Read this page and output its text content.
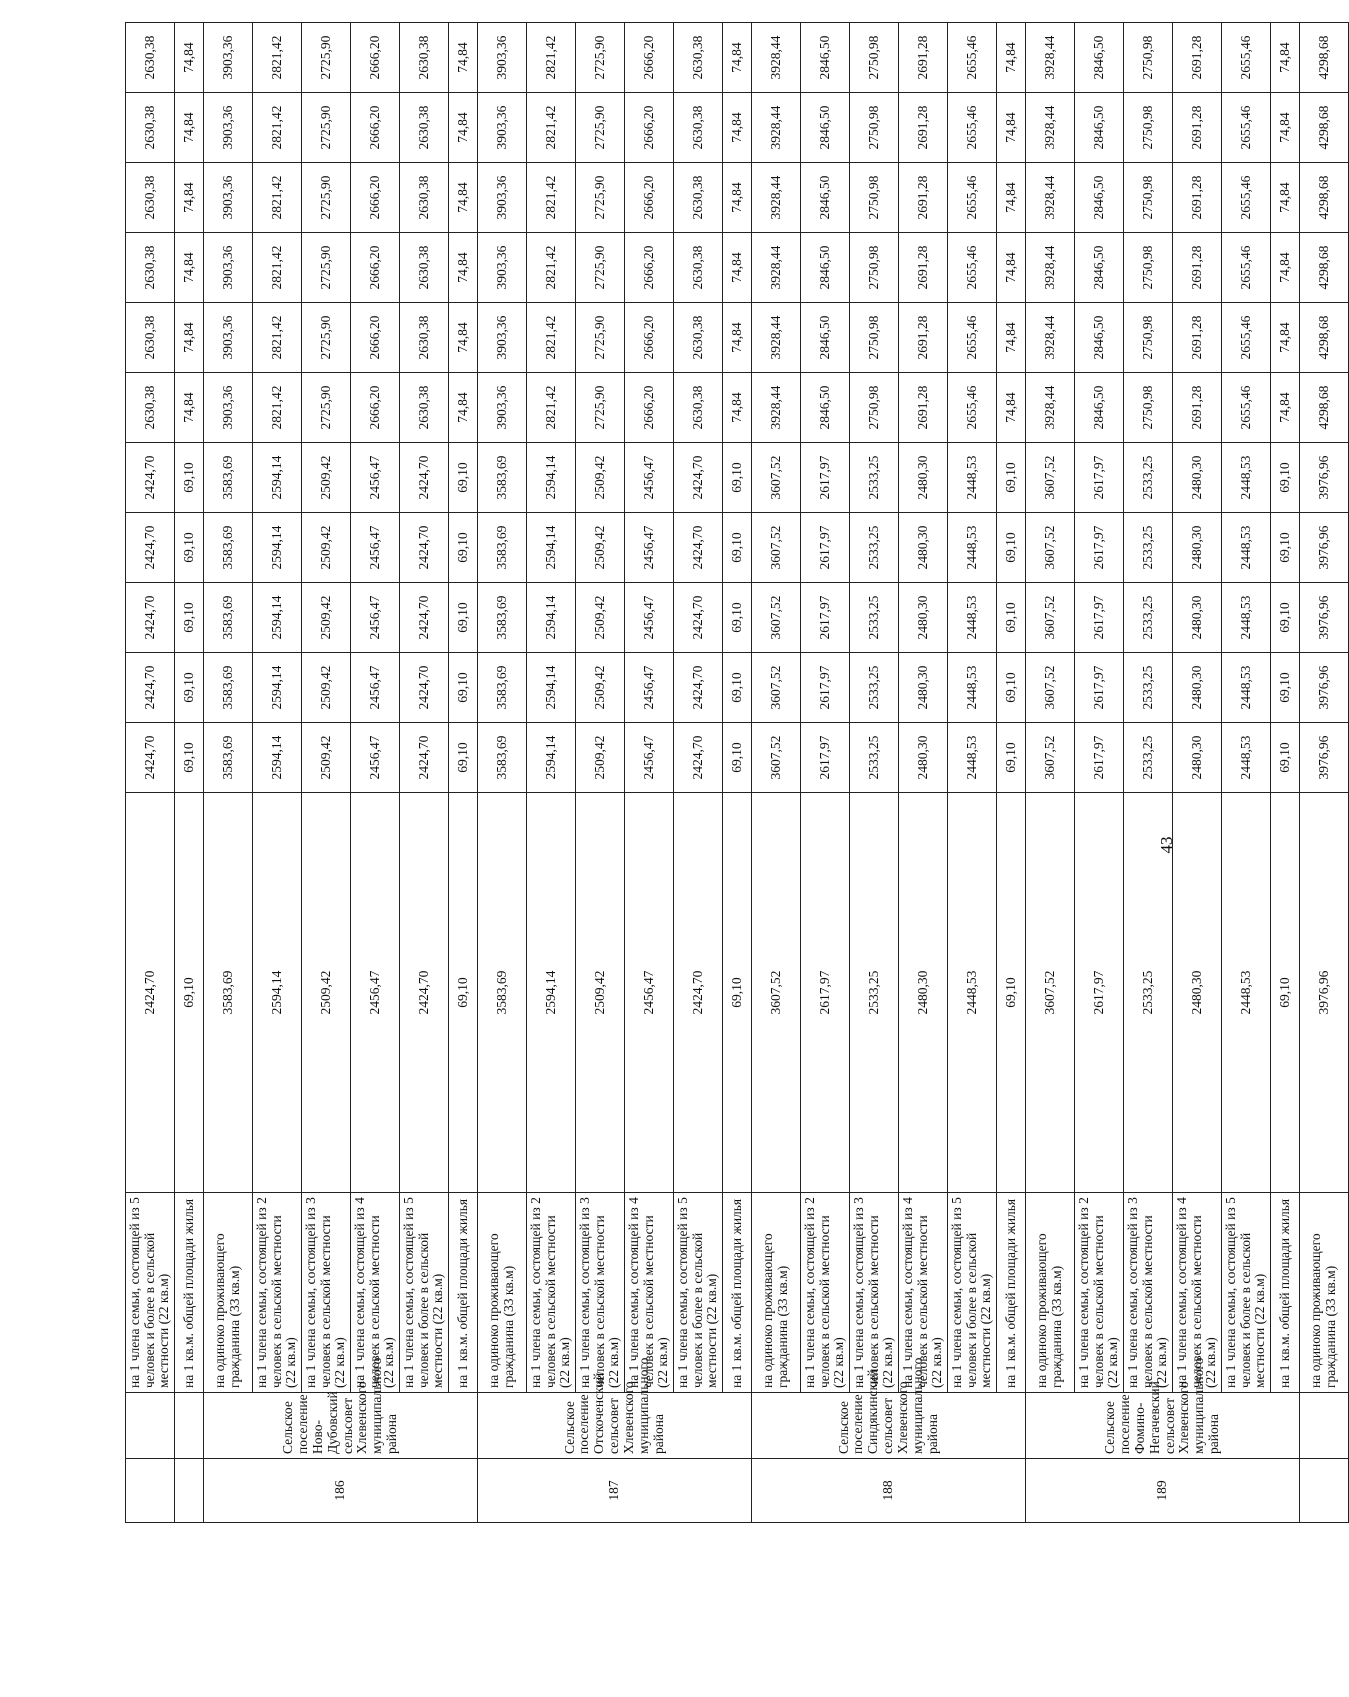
		на 1 члена семьи, состоящей из 5 человек и более в сельской местности (22 кв.м)	2424,70	2424,70	2424,70	2424,70	2424,70	2424,70	2630,38	2630,38	2630,38	2630,38	2630,38	2630,38
		на 1 кв.м. общей площади жилья	69,10	69,10	69,10	69,10	69,10	69,10	74,84	74,84	74,84	74,84	74,84	74,84
186	Сельское поселение Ново-Дубовский сельсовет Хлевенского муниципального района	на одиноко проживающего гражданина (33 кв.м)	3583,69	3583,69	3583,69	3583,69	3583,69	3583,69	3903,36	3903,36	3903,36	3903,36	3903,36	3903,36
		на 1 члена семьи, состоящей из 2 человек в сельской местности (22 кв.м)	2594,14	2594,14	2594,14	2594,14	2594,14	2594,14	2821,42	2821,42	2821,42	2821,42	2821,42	2821,42
		на 1 члена семьи, состоящей из 3 человек в сельской местности (22 кв.м)	2509,42	2509,42	2509,42	2509,42	2509,42	2509,42	2725,90	2725,90	2725,90	2725,90	2725,90	2725,90
		на 1 члена семьи, состоящей из 4 человек в сельской местности (22 кв.м)	2456,47	2456,47	2456,47	2456,47	2456,47	2456,47	2666,20	2666,20	2666,20	2666,20	2666,20	2666,20
		на 1 члена семьи, состоящей из 5 человек и более в сельской местности (22 кв.м)	2424,70	2424,70	2424,70	2424,70	2424,70	2424,70	2630,38	2630,38	2630,38	2630,38	2630,38	2630,38
		на 1 кв.м. общей площади жилья	69,10	69,10	69,10	69,10	69,10	69,10	74,84	74,84	74,84	74,84	74,84	74,84
187	Сельское поселение Отскоченский сельсовет Хлевенского муниципального района	на одиноко проживающего гражданина (33 кв.м)	3583,69	3583,69	3583,69	3583,69	3583,69	3583,69	3903,36	3903,36	3903,36	3903,36	3903,36	3903,36
		на 1 члена семьи, состоящей из 2 человек в сельской местности (22 кв.м)	2594,14	2594,14	2594,14	2594,14	2594,14	2594,14	2821,42	2821,42	2821,42	2821,42	2821,42	2821,42
		на 1 члена семьи, состоящей из 3 человек в сельской местности (22 кв.м)	2509,42	2509,42	2509,42	2509,42	2509,42	2509,42	2725,90	2725,90	2725,90	2725,90	2725,90	2725,90
		на 1 члена семьи, состоящей из 4 человек в сельской местности (22 кв.м)	2456,47	2456,47	2456,47	2456,47	2456,47	2456,47	2666,20	2666,20	2666,20	2666,20	2666,20	2666,20
		на 1 члена семьи, состоящей из 5 человек и более в сельской местности (22 кв.м)	2424,70	2424,70	2424,70	2424,70	2424,70	2424,70	2630,38	2630,38	2630,38	2630,38	2630,38	2630,38
		на 1 кв.м. общей площади жилья	69,10	69,10	69,10	69,10	69,10	69,10	74,84	74,84	74,84	74,84	74,84	74,84
188	Сельское поселение Синдякинский сельсовет Хлевенского муниципального района	на одиноко проживающего гражданина (33 кв.м)	3607,52	3607,52	3607,52	3607,52	3607,52	3607,52	3928,44	3928,44	3928,44	3928,44	3928,44	3928,44
		на 1 члена семьи, состоящей из 2 человек в сельской местности (22 кв.м)	2617,97	2617,97	2617,97	2617,97	2617,97	2617,97	2846,50	2846,50	2846,50	2846,50	2846,50	2846,50
		на 1 члена семьи, состоящей из 3 человек в сельской местности (22 кв.м)	2533,25	2533,25	2533,25	2533,25	2533,25	2533,25	2750,98	2750,98	2750,98	2750,98	2750,98	2750,98
		на 1 члена семьи, состоящей из 4 человек в сельской местности (22 кв.м)	2480,30	2480,30	2480,30	2480,30	2480,30	2480,30	2691,28	2691,28	2691,28	2691,28	2691,28	2691,28
		на 1 члена семьи, состоящей из 5 человек и более в сельской местности (22 кв.м)	2448,53	2448,53	2448,53	2448,53	2448,53	2448,53	2655,46	2655,46	2655,46	2655,46	2655,46	2655,46
		на 1 кв.м. общей площади жилья	69,10	69,10	69,10	69,10	69,10	69,10	74,84	74,84	74,84	74,84	74,84	74,84
189	Сельское поселение Фомино-Негачевский сельсовет Хлевенского муниципального района	на одиноко проживающего гражданина (33 кв.м)	3607,52	3607,52	3607,52	3607,52	3607,52	3607,52	3928,44	3928,44	3928,44	3928,44	3928,44	3928,44
		на 1 члена семьи, состоящей из 2 человек в сельской местности (22 кв.м)	2617,97	2617,97	2617,97	2617,97	2617,97	2617,97	2846,50	2846,50	2846,50	2846,50	2846,50	2846,50
		на 1 члена семьи, состоящей из 3 человек в сельской местности (22 кв.м)	2533,25	2533,25	2533,25	2533,25	2533,25	2533,25	2750,98	2750,98	2750,98	2750,98	2750,98	2750,98
		на 1 члена семьи, состоящей из 4 человек в сельской местности (22 кв.м)	2480,30	2480,30	2480,30	2480,30	2480,30	2480,30	2691,28	2691,28	2691,28	2691,28	2691,28	2691,28
		на 1 члена семьи, состоящей из 5 человек и более в сельской местности (22 кв.м)	2448,53	2448,53	2448,53	2448,53	2448,53	2448,53	2655,46	2655,46	2655,46	2655,46	2655,46	2655,46
		на 1 кв.м. общей площади жилья	69,10	69,10	69,10	69,10	69,10	69,10	74,84	74,84	74,84	74,84	74,84	74,84
		на одиноко проживающего гражданина (33 кв.м)	3976,96	3976,96	3976,96	3976,96	3976,96	3976,96	4298,68	4298,68	4298,68	4298,68	4298,68	4298,68
43
